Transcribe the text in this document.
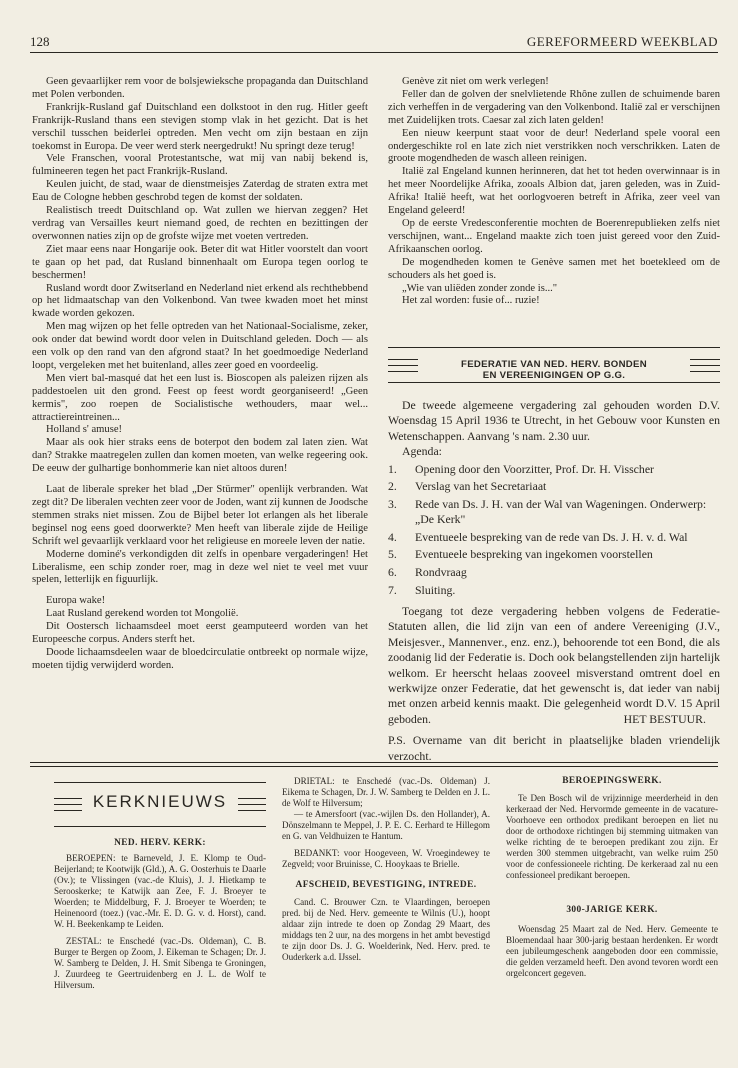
128	GEREFORMEERD WEEKBLAD

Geen gevaarlijker rem voor de bolsjewieksche propaganda dan Duitschland met Polen verbonden.

Frankrijk-Rusland gaf Duitschland een dolkstoot in den rug. Hitler geeft Frankrijk-Rusland thans een stevigen stomp vlak in het gezicht. Dat is het verschil tusschen beiderlei optreden. Men vecht om zijn bestaan en zijn toekomst in Europa. De veer werd sterk neergedrukt! Nu springt deze terug!

Vele Franschen, vooral Protestantsche, wat mij van nabij bekend is, fulmineeren tegen het pact Frankrijk-Rusland.

Keulen juicht, de stad, waar de dienstmeisjes Zaterdag de straten extra met Eau de Cologne hebben geschrobd tegen de komst der soldaten.

Realistisch treedt Duitschland op. Wat zullen we hiervan zeggen? Het verdrag van Versailles keurt niemand goed, de rechten en bezittingen der overwonnen naties zijn op de grofste wijze met voeten vertreden.

Ziet maar eens naar Hongarije ook. Beter dit wat Hitler voorstelt dan voort te gaan op het pad, dat Rusland binnenhaalt om Europa tegen oorlog te beschermen!

Rusland wordt door Zwitserland en Nederland niet erkend als rechthebbend op het lidmaatschap van den Volkenbond. Van twee kwaden moet het minst kwade worden gekozen.

Men mag wijzen op het felle optreden van het Nationaal-Socialisme, zeker, ook onder dat bewind wordt door velen in Duitschland geleden. Doch — als een volk op den rand van den afgrond staat? In het goedmoedige Nederland loopt, vergeleken met het buitenland, alles zeer goed en voordeelig.

Men viert bal-masqué dat het een lust is. Bioscopen als paleizen rijzen als paddestoelen uit den grond. Feest op feest wordt georganiseerd! „Geen kermis", zoo roepen de Socialistische wethouders, maar wel... attractiereintreinen...

Holland s' amuse!

Maar als ook hier straks eens de boterpot den bodem zal laten zien. Wat dan? Strakke maatregelen zullen dan komen moeten, van welke regeering ook. De eeuw der gulhartige bonhommerie kan niet altoos duren!

Laat de liberale spreker het blad „Der Stürmer" openlijk verbranden. Wat zegt dit? De liberalen vechten zeer voor de Joden, want zij kunnen de Joodsche stemmen straks niet missen. Zou de Bijbel beter lot erlangen als het liberale beginsel nog eens goed doorwerkte? Men heeft van liberale zijde de Heilige Schrift wel gevaarlijk verklaard voor het religieuse en moreele leven der natie.

Moderne dominé's verkondigden dit zelfs in openbare vergaderingen! Het Liberalisme, een schip zonder roer, mag in deze wel niet te veel met vuur spelen, letterlijk en figuurlijk.

Europa wake!

Laat Rusland gerekend worden tot Mongolië.

Dit Oostersch lichaamsdeel moet eerst geamputeerd worden van het Europeesche corpus. Anders sterft het.

Doode lichaamsdeelen waar de bloedcirculatie ontbreekt op normale wijze, moeten tijdig verwijderd worden.

Genève zit niet om werk verlegen!

Feller dan de golven der snelvlietende Rhône zullen de schuimende baren zich verheffen in de vergadering van den Volkenbond. Italië zal er verschijnen met Zuidelijken trots. Caesar zal zich laten gelden!

Een nieuw keerpunt staat voor de deur! Nederland spele vooral een ondergeschikte rol en late zich niet verstrikken noch verschrikken. Laten de groote mogendheden de wasch alleen reinigen.

Italië zal Engeland kunnen herinneren, dat het tot heden overwinnaar is in het meer Noordelijke Afrika, zooals Albion dat, jaren geleden, was in Zuid-Afrika! Italië heeft, wat het oorlogvoeren betreft in Afrika, zeer veel van Engeland geleerd!

Op de eerste Vredesconferentie mochten de Boerenrepublieken zelfs niet verschijnen, want... Engeland maakte zich toen juist gereed voor den Zuid-Afrikaanschen oorlog.

De mogendheden komen te Genève samen met het boetekleed om de schouders als het goed is.

„Wie van uliëden zonder zonde is..."

Het zal worden: fusie of... ruzie!

FEDERATIE VAN NED. HERV. BONDEN
EN VEREENIGINGEN OP G.G.

De tweede algemeene vergadering zal gehouden worden D.V. Woensdag 15 April 1936 te Utrecht, in het Gebouw voor Kunsten en Wetenschappen. Aanvang 's nam. 2.30 uur.

Agenda:

1. Opening door den Voorzitter, Prof. Dr. H. Visscher
2. Verslag van het Secretariaat
3. Rede van Ds. J. H. van der Wal van Wageningen. Onderwerp: „De Kerk"
4. Eventueele bespreking van de rede van Ds. J. H. v. d. Wal
5. Eventueele bespreking van ingekomen voorstellen
6. Rondvraag
7. Sluiting.

Toegang tot deze vergadering hebben volgens de Federatie-Statuten allen, die lid zijn van een of andere Vereeniging (J.V., Meisjesver., Mannenver., enz. enz.), behoorende tot een Bond, die als zoodanig lid der Federatie is. Doch ook belangstellenden zijn hartelijk welkom. Er heerscht helaas zooveel misverstand omtrent doel en werkwijze onzer Federatie, dat het gewenscht is, dat ieder van nabij met onzen arbeid kennis maakt. Die gelegenheid wordt D.V. 15 April geboden.	HET BESTUUR.

P.S. Overname van dit bericht in plaatselijke bladen vriendelijk verzocht.

KERKNIEUWS
NED. HERV. KERK:

BEROEPEN: te Barneveld, J. E. Klomp te Oud-Beijerland; te Kootwijk (Gld.), A. G. Oosterhuis te Daarle (Ov.); te Vlissingen (vac.-de Kluis), J. J. Hietkamp te Serooskerke; te Katwijk aan Zee, F. J. Broeyer te Woerden; te Middelburg, F. J. Broeyer te Woerden; te Heinenoord (toez.) (vac.-Mr. E. D. G. v. d. Horst), cand. W. H. Beekenkamp te Leiden.

ZESTAL: te Enschedé (vac.-Ds. Oldeman), C. B. Burger te Bergen op Zoom, J. Eikeman te Schagen; Dr. J. W. Samberg te Delden, J. H. Smit Sibenga te Groningen, J. Zuurdeeg te Geertruidenberg en J. L. de Wolf te Hilversum.

DRIETAL: te Enschedé (vac.-Ds. Oldeman) J. Eikema te Schagen, Dr. J. W. Samberg te Delden en J. L. de Wolf te Hilversum;

— te Amersfoort (vac.-wijlen Ds. den Hollander), A. Dönszelmann te Meppel, J. P. E. C. Eerhard te Hillegom en G. van Veldhuizen te Hantum.

BEDANKT: voor Hoogeveen, W. Vroegindewey te Zegveld; voor Bruinisse, C. Hooykaas te Brielle.

AFSCHEID, BEVESTIGING, INTREDE.

Cand. C. Brouwer Czn. te Vlaardingen, beroepen pred. bij de Ned. Herv. gemeente te Wilnis (U.), hoopt aldaar zijn intrede te doen op Zondag 29 Maart, des middags ten 2 uur, na des morgens in het ambt bevestigd te zijn door Ds. J. G. Woelderink, Ned. Herv. pred. te Ouderkerk a.d. IJssel.

BEROEPINGSWERK.

Te Den Bosch wil de vrijzinnige meerderheid in den kerkeraad der Ned. Hervormde gemeente in de vacature-Voorhoeve een orthodox predikant beroepen en liet nu door de orthodoxe richtingen bij stemming uitmaken van welke richting de te beroepen predikant zou zijn. Er werden 300 stemmen uitgebracht, van welke ruim 250 voor de confessioneele richting. De kerkeraad zal nu een confessioneel predikant beroepen.

300-JARIGE KERK.

Woensdag 25 Maart zal de Ned. Herv. Gemeente te Bloemendaal haar 300-jarig bestaan herdenken. Er wordt een jubileumgeschenk aangeboden door een commissie, die gelden verzameld heeft. Den avond tevoren wordt een orgelconcert gegeven.
